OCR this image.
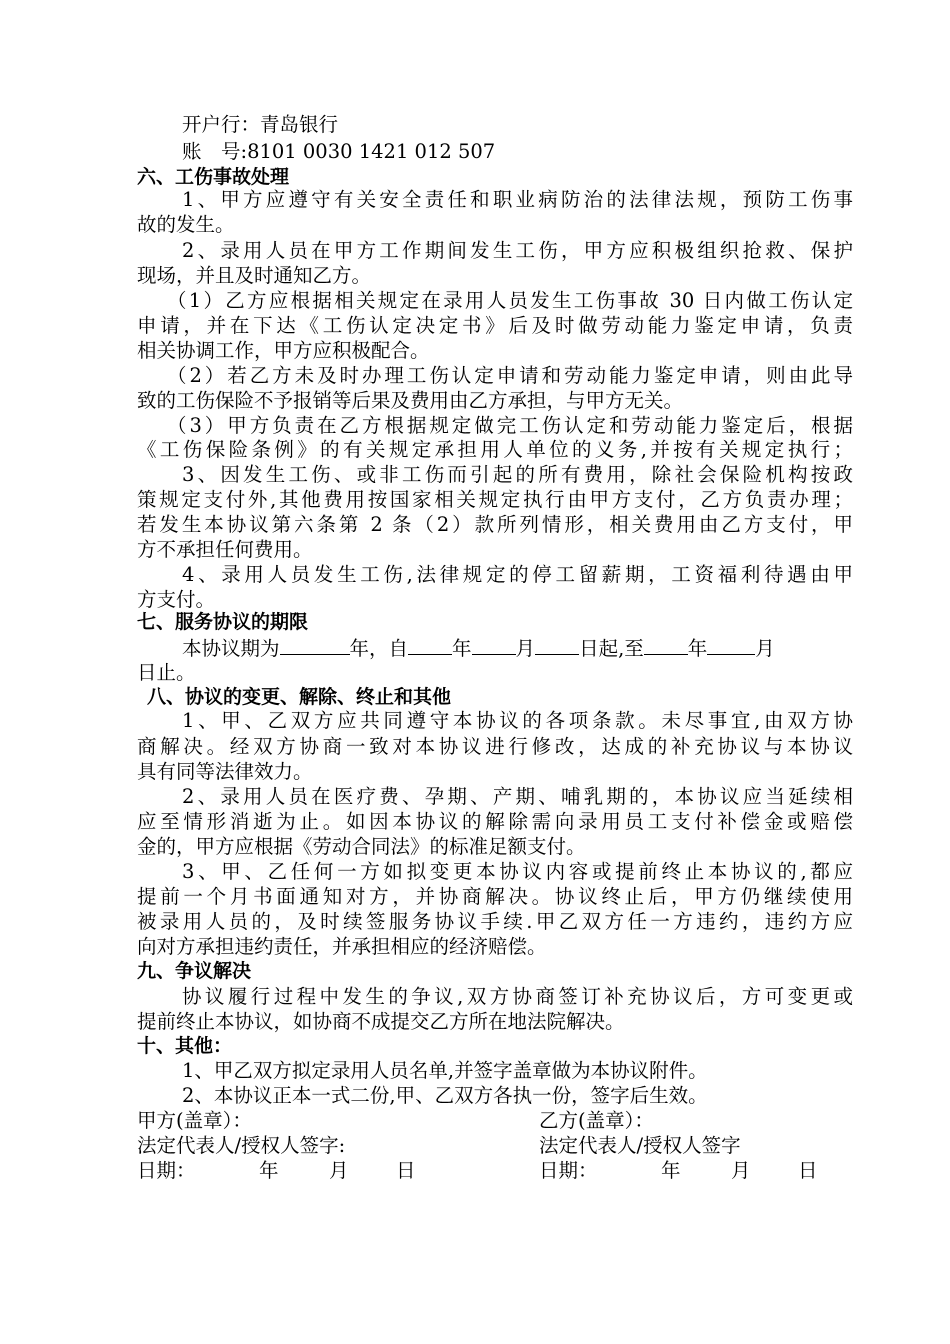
开户行：青岛银行
账　号:8101 0030 1421 012 507
六、工伤事故处理
1、甲方应遵守有关安全责任和职业病防治的法律法规，预防工伤事
故的发生。
2、录用人员在甲方工作期间发生工伤，甲方应积极组织抢救、保护
现场，并且及时通知乙方。
（1）乙方应根据相关规定在录用人员发生工伤事故 30 日内做工伤认定
申请，并在下达《工伤认定决定书》后及时做劳动能力鉴定申请，负责
相关协调工作，甲方应积极配合。
（2）若乙方未及时办理工伤认定申请和劳动能力鉴定申请，则由此导
致的工伤保险不予报销等后果及费用由乙方承担，与甲方无关。
（3）甲方负责在乙方根据规定做完工伤认定和劳动能力鉴定后，根据
《工伤保险条例》的有关规定承担用人单位的义务,并按有关规定执行；
3、因发生工伤、或非工伤而引起的所有费用，除社会保险机构按政
策规定支付外,其他费用按国家相关规定执行由甲方支付，乙方负责办理；
若发生本协议第六条第 2 条（2）款所列情形，相关费用由乙方支付，甲
方不承担任何费用。
4、录用人员发生工伤,法律规定的停工留薪期，工资福利待遇由甲
方支付。
七、服务协议的期限
本协议期为	年，自 年 月 日起,至 年 月
日止。
八、协议的变更、解除、终止和其他
1、甲、乙双方应共同遵守本协议的各项条款。未尽事宜,由双方协
商解决。经双方协商一致对本协议进行修改，达成的补充协议与本协议
具有同等法律效力。
2、录用人员在医疗费、孕期、产期、哺乳期的，本协议应当延续相
应至情形消逝为止。如因本协议的解除需向录用员工支付补偿金或赔偿
金的，甲方应根据《劳动合同法》的标准足额支付。
3、甲、乙任何一方如拟变更本协议内容或提前终止本协议的,都应
提前一个月书面通知对方，并协商解决。协议终止后，甲方仍继续使用
被录用人员的，及时续签服务协议手续.甲乙双方任一方违约，违约方应
向对方承担违约责任，并承担相应的经济赔偿。
九、争议解决
协议履行过程中发生的争议,双方协商签订补充协议后，方可变更或
提前终止本协议，如协商不成提交乙方所在地法院解决。
十、其他：
1、甲乙双方拟定录用人员名单,并签字盖章做为本协议附件。
2、本协议正本一式二份,甲、乙双方各执一份，签字后生效。
甲方(盖章）：
法定代表人/授权人签字:
日期：	年	月 日
乙方(盖章）：
法定代表人/授权人签字
日期：	年	月 日
